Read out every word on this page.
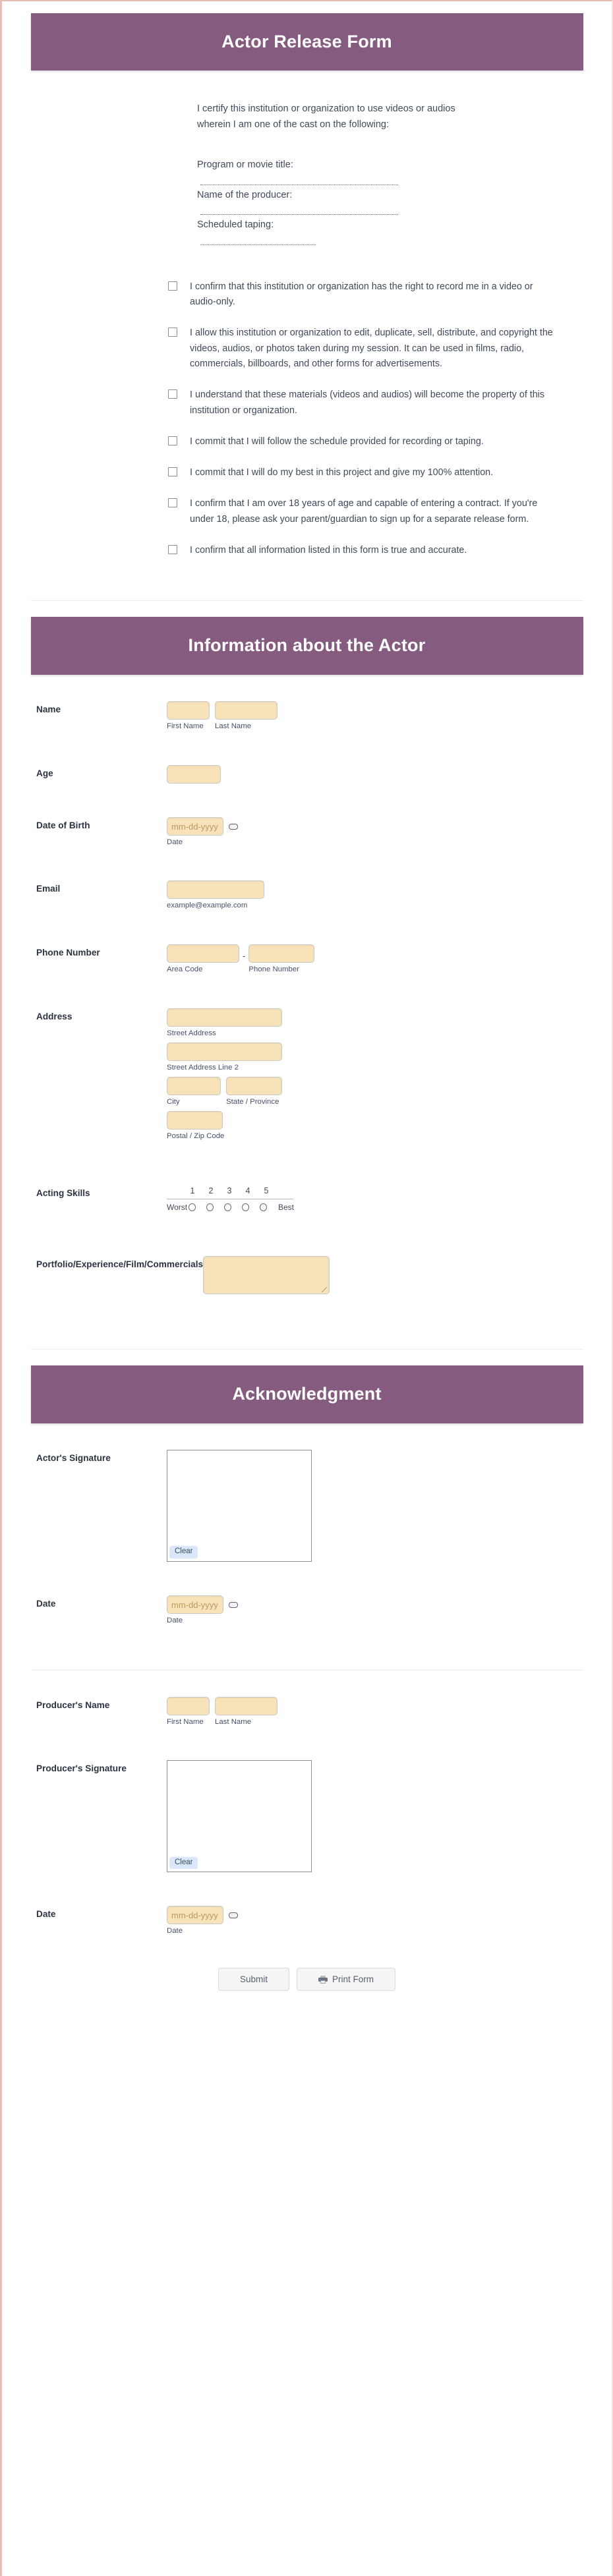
Actor Release Form

I certify this institution or organization to use videos or audios wherein I am one of the cast on the following:

Program or movie title:

Name of the producer:

Scheduled taping:

I confirm that this institution or organization has the right to record me in a video or audio-only.
I allow this institution or organization to edit, duplicate, sell, distribute, and copyright the videos, audios, or photos taken during my session. It can be used in films, radio, commercials, billboards, and other forms for advertisements.
I understand that these materials (videos and audios) will become the property of this institution or organization.
I commit that I will follow the schedule provided for recording or taping.
I commit that I will do my best in this project and give my 100% attention.
I confirm that I am over 18 years of age and capable of entering a contract. If you're under 18, please ask your parent/guardian to sign up for a separate release form.
I confirm that all information listed in this form is true and accurate.
Information about the Actor
Name
First Name	Last Name
Age
Date of Birth	mm-dd-yyyy
Date
Email
example@example.com
Phone Number
Area Code
-
Phone Number
Address
Street Address
Street Address Line 2
City	State / Province
Postal / Zip Code
Acting Skills	1	2	3	4	5
Worst	Best
Portfolio/Experience/Film/Commercials
Acknowledgment
Actor's Signature
Clear
Date	mm-dd-yyyy
Date
Producer's Name
First Name	Last Name
Producer's Signature
Clear
Date	mm-dd-yyyy
Date
Submit	Print Form
